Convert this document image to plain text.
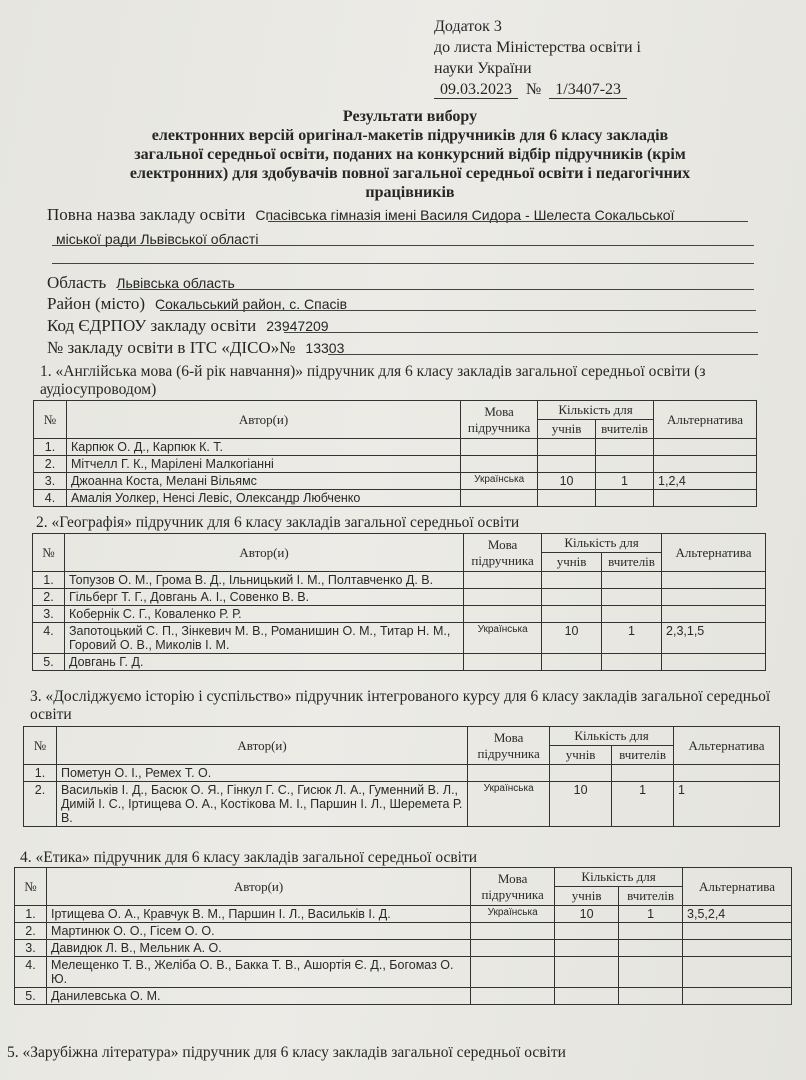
Додаток 3
до листа Міністерства освіти і
науки України
09.03.2023 № 1/3407-23
Результати вибору
електронних версій оригінал-макетів підручників для 6 класу закладів
загальної середньої освіти, поданих на конкурсний відбір підручників (крім
електронних) для здобувачів повної загальної середньої освіти і педагогічних
працівників
Повна назва закладу освіти Спасівська гімназія імені Василя Сидора - Шелеста Сокальської
міської ради Львівської області
Область Львівська область
Район (місто) Сокальський район, с. Спасів
Код ЄДРПОУ закладу освіти 23947209
№ закладу освіти в ІТС «ДІСО»№ 13303
1. «Англійська мова (6-й рік навчання)» підручник для 6 класу закладів загальної середньої освіти (з аудіосупроводом)
№	Автор(и)	Мова підручника	Кількість для		Альтернатива
			учнів	вчителів	
1.	Карпюк О. Д., Карпюк К. Т.				
2.	Мітчелл Г. К., Марілені Малкогіанні				
3.	Джоанна Коста, Мелані Вільямс	Українська	10	1	1,2,4
4.	Амалія Уолкер, Ненсі Левіс, Олександр Любченко				
2. «Географія» підручник для 6 класу закладів загальної середньої освіти
№	Автор(и)	Мова підручника	Кількість для		Альтернатива
			учнів	вчителів	
1.	Топузов О. М., Грома В. Д., Ільницький І. М., Полтавченко Д. В.				
2.	Гільберг Т. Г., Довгань А. І., Совенко В. В.				
3.	Кобернік С. Г., Коваленко Р. Р.				
4.	Запотоцький С. П., Зінкевич М. В., Романишин О. М., Титар Н. М., Горовий О. В., Миколів І. М.	Українська	10	1	2,3,1,5
5.	Довгань Г. Д.				
3. «Досліджуємо історію і суспільство» підручник інтегрованого курсу для 6 класу закладів загальної середньої освіти
№	Автор(и)	Мова підручника	Кількість для		Альтернатива
			учнів	вчителів	
1.	Пометун О. І., Ремех Т. О.				
2.	Васильків І. Д., Басюк О. Я., Гінкул Г. С., Гисюк Л. А., Гуменний В. Л., Димій І. С., Іртищева О. А., Костікова М. І., Паршин І. Л., Шеремета Р. В.	Українська	10	1	1
4. «Етика» підручник для 6 класу закладів загальної середньої освіти
№	Автор(и)	Мова підручника	Кількість для		Альтернатива
			учнів	вчителів	
1.	Іртищева О. А., Кравчук В. М., Паршин І. Л., Васильків І. Д.	Українська	10	1	3,5,2,4
2.	Мартинюк О. О., Гісем О. О.				
3.	Давидюк Л. В., Мельник А. О.				
4.	Мелещенко Т. В., Желіба О. В., Бакка Т. В., Ашортія Є. Д., Богомаз О. Ю.				
5.	Данилевська О. М.				
5. «Зарубіжна література» підручник для 6 класу закладів загальної середньої освіти
